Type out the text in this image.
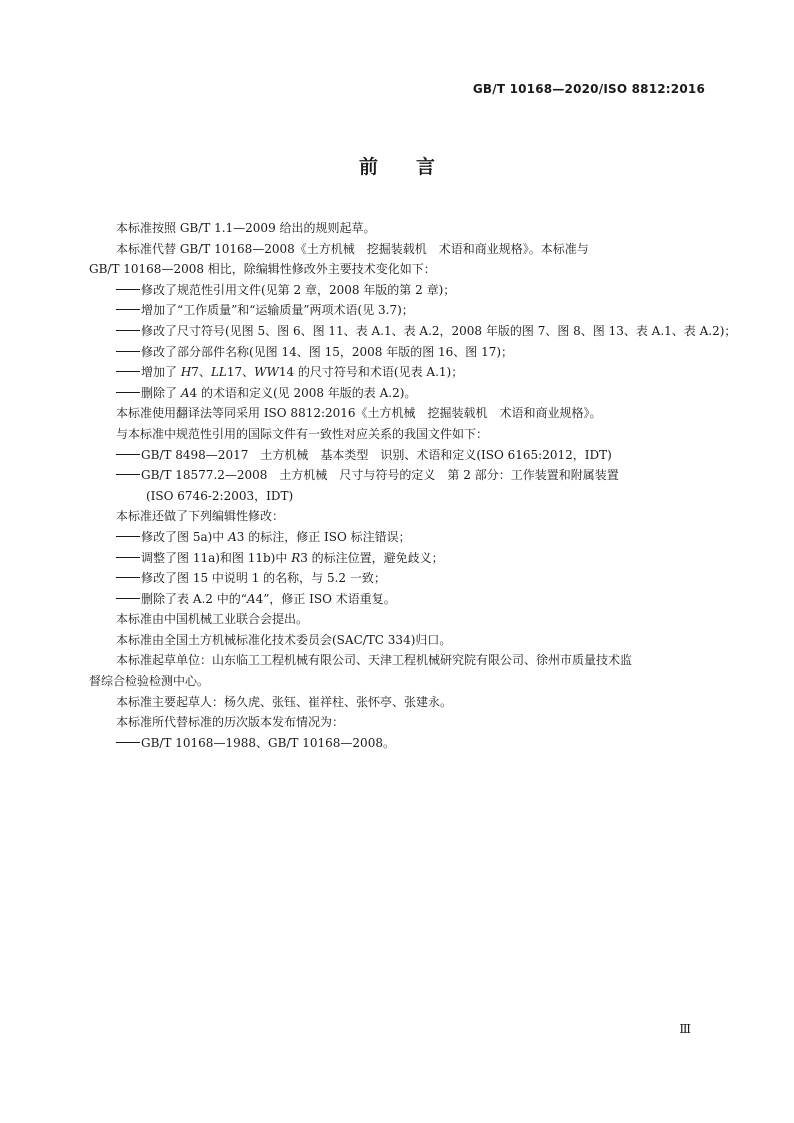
GB/T 10168—2020/ISO 8812:2016
前言

本标准按照 GB/T 1.1—2009 给出的规则起草。

本标准代替 GB/T 10168—2008《土方机械　挖掘装载机　术语和商业规格》。本标准与

GB/T 10168—2008 相比，除编辑性修改外主要技术变化如下：

修改了规范性引用文件(见第 2 章，2008 年版的第 2 章)；

增加了“工作质量”和“运输质量”两项术语(见 3.7)；

修改了尺寸符号(见图 5、图 6、图 11、表 A.1、表 A.2，2008 年版的图 7、图 8、图 13、表 A.1、表 A.2)；

修改了部分部件名称(见图 14、图 15，2008 年版的图 16、图 17)；

增加了 H7、LL17、WW14 的尺寸符号和术语(见表 A.1)；

删除了 A4 的术语和定义(见 2008 年版的表 A.2)。

本标准使用翻译法等同采用 ISO 8812:2016《土方机械　挖掘装载机　术语和商业规格》。

与本标准中规范性引用的国际文件有一致性对应关系的我国文件如下：

GB/T 8498—2017　土方机械　基本类型　识别、术语和定义(ISO 6165:2012，IDT)

GB/T 18577.2—2008　土方机械　尺寸与符号的定义　第 2 部分：工作装置和附属装置

(ISO 6746-2:2003，IDT)

本标准还做了下列编辑性修改：

修改了图 5a)中 A3 的标注，修正 ISO 标注错误；

调整了图 11a)和图 11b)中 R3 的标注位置，避免歧义；

修改了图 15 中说明 1 的名称，与 5.2 一致；

删除了表 A.2 中的“A4”，修正 ISO 术语重复。

本标准由中国机械工业联合会提出。

本标准由全国土方机械标准化技术委员会(SAC/TC 334)归口。

本标准起草单位：山东临工工程机械有限公司、天津工程机械研究院有限公司、徐州市质量技术监

督综合检验检测中心。

本标准主要起草人：杨久虎、张钰、崔祥柱、张怀亭、张建永。

本标准所代替标准的历次版本发布情况为：

GB/T 10168—1988、GB/T 10168—2008。

Ⅲ
